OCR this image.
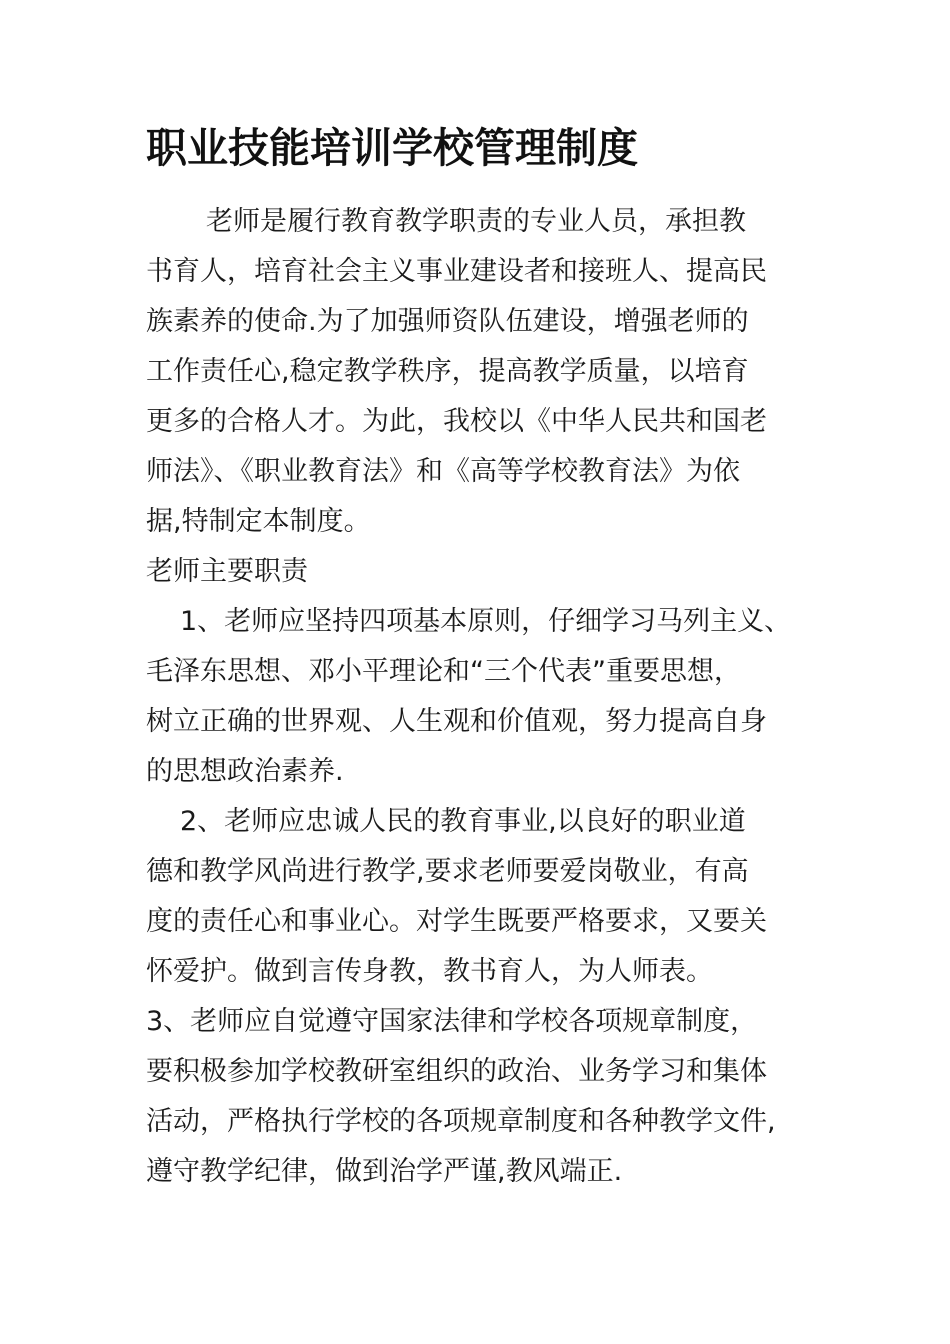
职业技能培训学校管理制度

老师是履行教育教学职责的专业人员，承担教

书育人，培育社会主义事业建设者和接班人、提高民

族素养的使命.为了加强师资队伍建设，增强老师的

工作责任心,稳定教学秩序，提高教学质量，以培育

更多的合格人才。为此，我校以《中华人民共和国老

师法》、《职业教育法》和《高等学校教育法》为依

据,特制定本制度。

老师主要职责

1、老师应坚持四项基本原则，仔细学习马列主义、

毛泽东思想、邓小平理论和“三个代表”重要思想，

树立正确的世界观、人生观和价值观，努力提高自身

的思想政治素养.

2、老师应忠诚人民的教育事业,以良好的职业道

德和教学风尚进行教学,要求老师要爱岗敬业，有高

度的责任心和事业心。对学生既要严格要求，又要关

怀爱护。做到言传身教，教书育人，为人师表。

3、老师应自觉遵守国家法律和学校各项规章制度，

要积极参加学校教研室组织的政治、业务学习和集体

活动，严格执行学校的各项规章制度和各种教学文件,

遵守教学纪律，做到治学严谨,教风端正.
